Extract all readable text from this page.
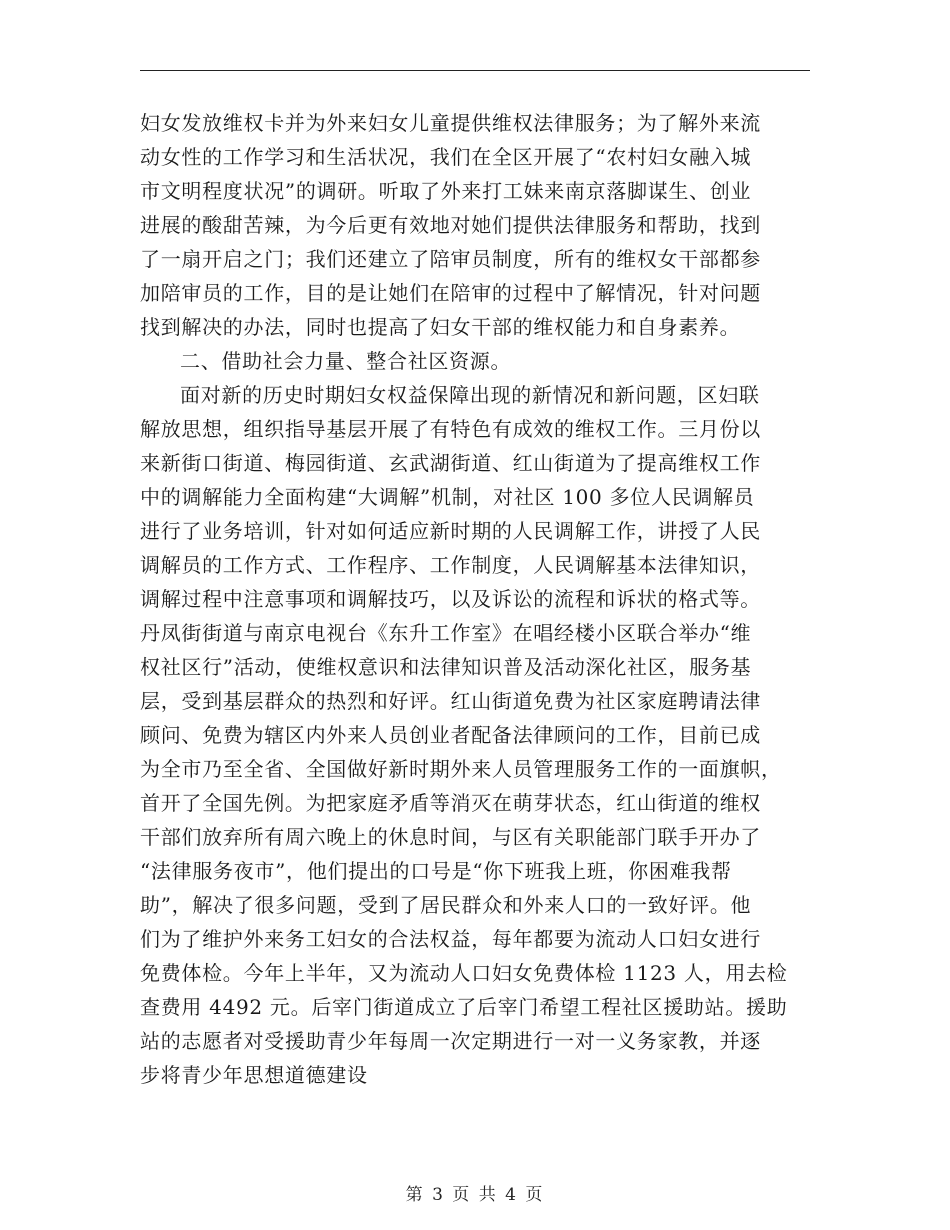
妇女发放维权卡并为外来妇女儿童提供维权法律服务；为了解外来流
动女性的工作学习和生活状况，我们在全区开展了“农村妇女融入城
市文明程度状况”的调研。听取了外来打工妹来南京落脚谋生、创业
进展的酸甜苦辣，为今后更有效地对她们提供法律服务和帮助，找到
了一扇开启之门；我们还建立了陪审员制度，所有的维权女干部都参
加陪审员的工作，目的是让她们在陪审的过程中了解情况，针对问题
找到解决的办法，同时也提高了妇女干部的维权能力和自身素养。
二、借助社会力量、整合社区资源。
面对新的历史时期妇女权益保障出现的新情况和新问题，区妇联
解放思想，组织指导基层开展了有特色有成效的维权工作。三月份以
来新街口街道、梅园街道、玄武湖街道、红山街道为了提高维权工作
中的调解能力全面构建“大调解”机制，对社区 100 多位人民调解员
进行了业务培训，针对如何适应新时期的人民调解工作，讲授了人民
调解员的工作方式、工作程序、工作制度，人民调解基本法律知识，
调解过程中注意事项和调解技巧，以及诉讼的流程和诉状的格式等。
丹凤街街道与南京电视台《东升工作室》在唱经楼小区联合举办“维
权社区行”活动，使维权意识和法律知识普及活动深化社区，服务基
层，受到基层群众的热烈和好评。红山街道免费为社区家庭聘请法律
顾问、免费为辖区内外来人员创业者配备法律顾问的工作，目前已成
为全市乃至全省、全国做好新时期外来人员管理服务工作的一面旗帜，
首开了全国先例。为把家庭矛盾等消灭在萌芽状态，红山街道的维权
干部们放弃所有周六晚上的休息时间，与区有关职能部门联手开办了
“法律服务夜市”，他们提出的口号是“你下班我上班，你困难我帮
助”，解决了很多问题，受到了居民群众和外来人口的一致好评。他
们为了维护外来务工妇女的合法权益，每年都要为流动人口妇女进行
免费体检。今年上半年，又为流动人口妇女免费体检 1123 人，用去检
查费用 4492 元。后宰门街道成立了后宰门希望工程社区援助站。援助
站的志愿者对受援助青少年每周一次定期进行一对一义务家教，并逐
步将青少年思想道德建设
第 3 页 共 4 页
